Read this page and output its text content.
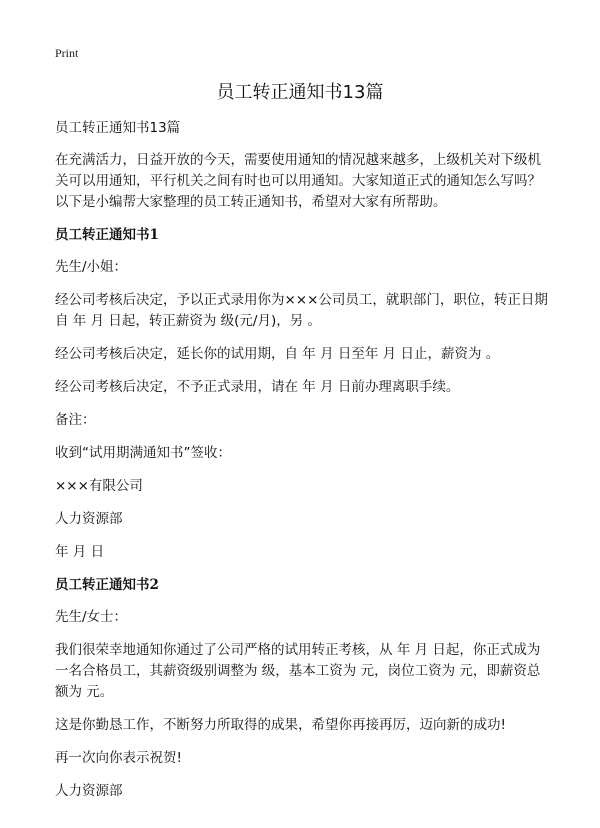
Print
员工转正通知书13篇

员工转正通知书13篇

在充满活力，日益开放的今天，需要使用通知的情况越来越多，上级机关对下级机关可以用通知，平行机关之间有时也可以用通知。大家知道正式的通知怎么写吗？以下是小编帮大家整理的员工转正通知书，希望对大家有所帮助。

员工转正通知书1

先生/小姐：

经公司考核后决定，予以正式录用你为×××公司员工，就职部门，职位，转正日期自 年 月 日起，转正薪资为 级(元/月)，另 。

经公司考核后决定，延长你的试用期，自 年 月 日至年 月 日止，薪资为 。

经公司考核后决定，不予正式录用，请在 年 月 日前办理离职手续。

备注：

收到“试用期满通知书”签收：

×××有限公司

人力资源部

年 月 日

员工转正通知书2

先生/女士：

我们很荣幸地通知你通过了公司严格的试用转正考核，从 年 月 日起，你正式成为一名合格员工，其薪资级别调整为 级，基本工资为 元，岗位工资为 元，即薪资总额为 元。

这是你勤恳工作，不断努力所取得的成果，希望你再接再厉，迈向新的成功!

再一次向你表示祝贺!

人力资源部
